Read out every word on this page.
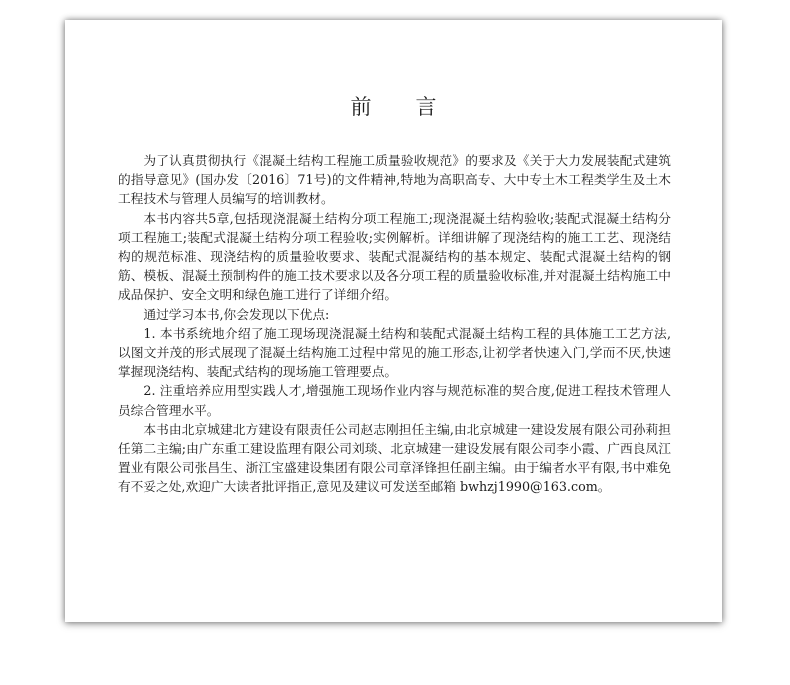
前言

为了认真贯彻执行《混凝土结构工程施工质量验收规范》的要求及《关于大力发展装配式建筑的指导意见》(国办发〔2016〕71号)的文件精神,特地为高职高专、大中专土木工程类学生及土木工程技术与管理人员编写的培训教材。

本书内容共5章,包括现浇混凝土结构分项工程施工;现浇混凝土结构验收;装配式混凝土结构分项工程施工;装配式混凝土结构分项工程验收;实例解析。详细讲解了现浇结构的施工工艺、现浇结构的规范标准、现浇结构的质量验收要求、装配式混凝结构的基本规定、装配式混凝土结构的钢筋、模板、混凝土预制构件的施工技术要求以及各分项工程的质量验收标准,并对混凝土结构施工中成品保护、安全文明和绿色施工进行了详细介绍。

通过学习本书,你会发现以下优点:

1. 本书系统地介绍了施工现场现浇混凝土结构和装配式混凝土结构工程的具体施工工艺方法,以图文并茂的形式展现了混凝土结构施工过程中常见的施工形态,让初学者快速入门,学而不厌,快速掌握现浇结构、装配式结构的现场施工管理要点。

2. 注重培养应用型实践人才,增强施工现场作业内容与规范标准的契合度,促进工程技术管理人员综合管理水平。

本书由北京城建北方建设有限责任公司赵志刚担任主编,由北京城建一建设发展有限公司孙莉担任第二主编;由广东重工建设监理有限公司刘琰、北京城建一建设发展有限公司李小霞、广西良凤江置业有限公司张昌生、浙江宝盛建设集团有限公司章泽锋担任副主编。由于编者水平有限,书中难免有不妥之处,欢迎广大读者批评指正,意见及建议可发送至邮箱 bwhzj1990@163.com。
